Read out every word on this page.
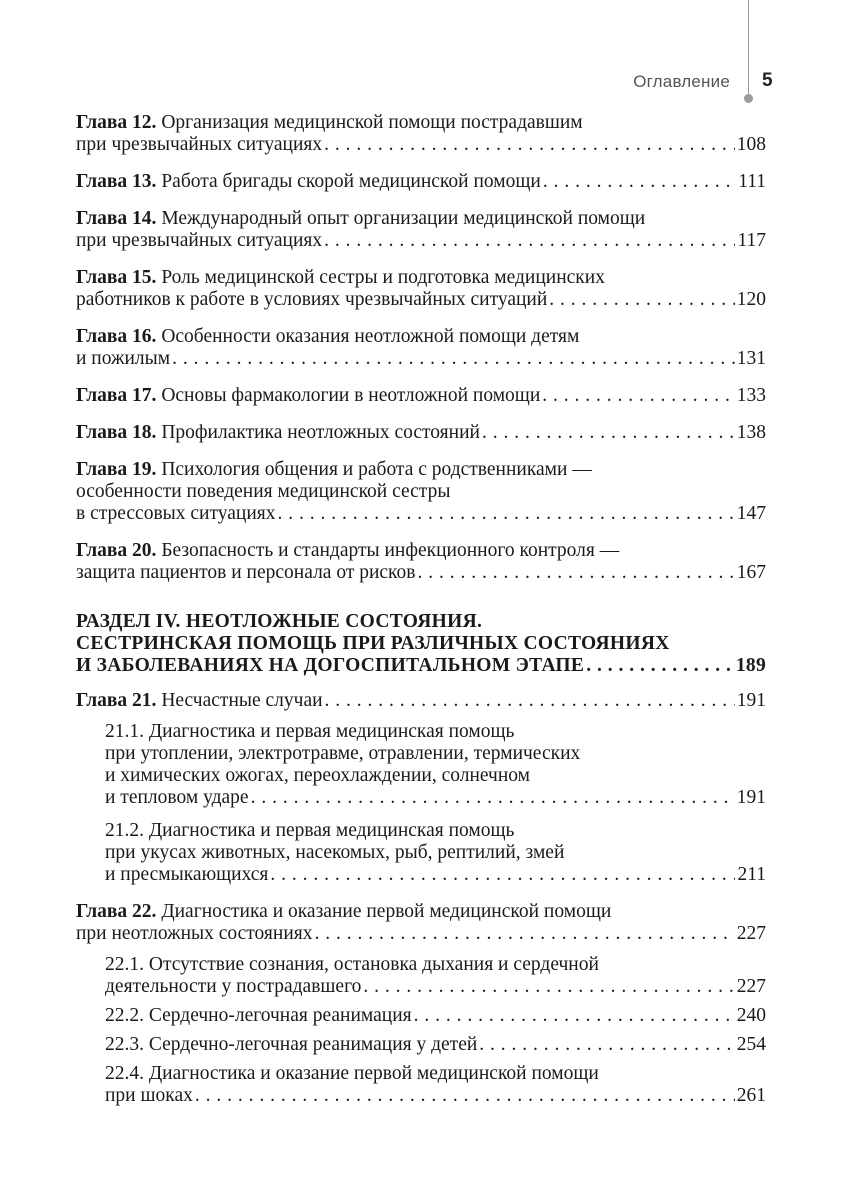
Оглавление 5
Глава 12. Организация медицинской помощи пострадавшим
при чрезвычайных ситуациях . . .	108
Глава 13. Работа бригады скорой медицинской помощи . . .	111
Глава 14. Международный опыт организации медицинской помощи
при чрезвычайных ситуациях . . .	117
Глава 15. Роль медицинской сестры и подготовка медицинских
работников к работе в условиях чрезвычайных ситуаций . . .	120
Глава 16. Особенности оказания неотложной помощи детям
и пожилым . . .	131
Глава 17. Основы фармакологии в неотложной помощи . . .	133
Глава 18. Профилактика неотложных состояний . . .	138
Глава 19. Психология общения и работа с родственниками —
особенности поведения медицинской сестры
в стрессовых ситуациях . . .	147
Глава 20. Безопасность и стандарты инфекционного контроля —
защита пациентов и персонала от рисков . . .	167
РАЗДЕЛ IV. НЕОТЛОЖНЫЕ СОСТОЯНИЯ.
СЕСТРИНСКАЯ ПОМОЩЬ ПРИ РАЗЛИЧНЫХ СОСТОЯНИЯХ
И ЗАБОЛЕВАНИЯХ НА ДОГОСПИТАЛЬНОМ ЭТАПЕ . . .	189
Глава 21. Несчастные случаи . . .	191
21.1. Диагностика и первая медицинская помощь
при утоплении, электротравме, отравлении, термических
и химических ожогах, переохлаждении, солнечном
и тепловом ударе . . .	191
21.2. Диагностика и первая медицинская помощь
при укусах животных, насекомых, рыб, рептилий, змей
и пресмыкающихся . . .	211
Глава 22. Диагностика и оказание первой медицинской помощи
при неотложных состояниях . . .	227
22.1. Отсутствие сознания, остановка дыхания и сердечной
деятельности у пострадавшего . . .	227
22.2. Сердечно-легочная реанимация . . .	240
22.3. Сердечно-легочная реанимация у детей . . .	254
22.4. Диагностика и оказание первой медицинской помощи
при шоках . . .	261
